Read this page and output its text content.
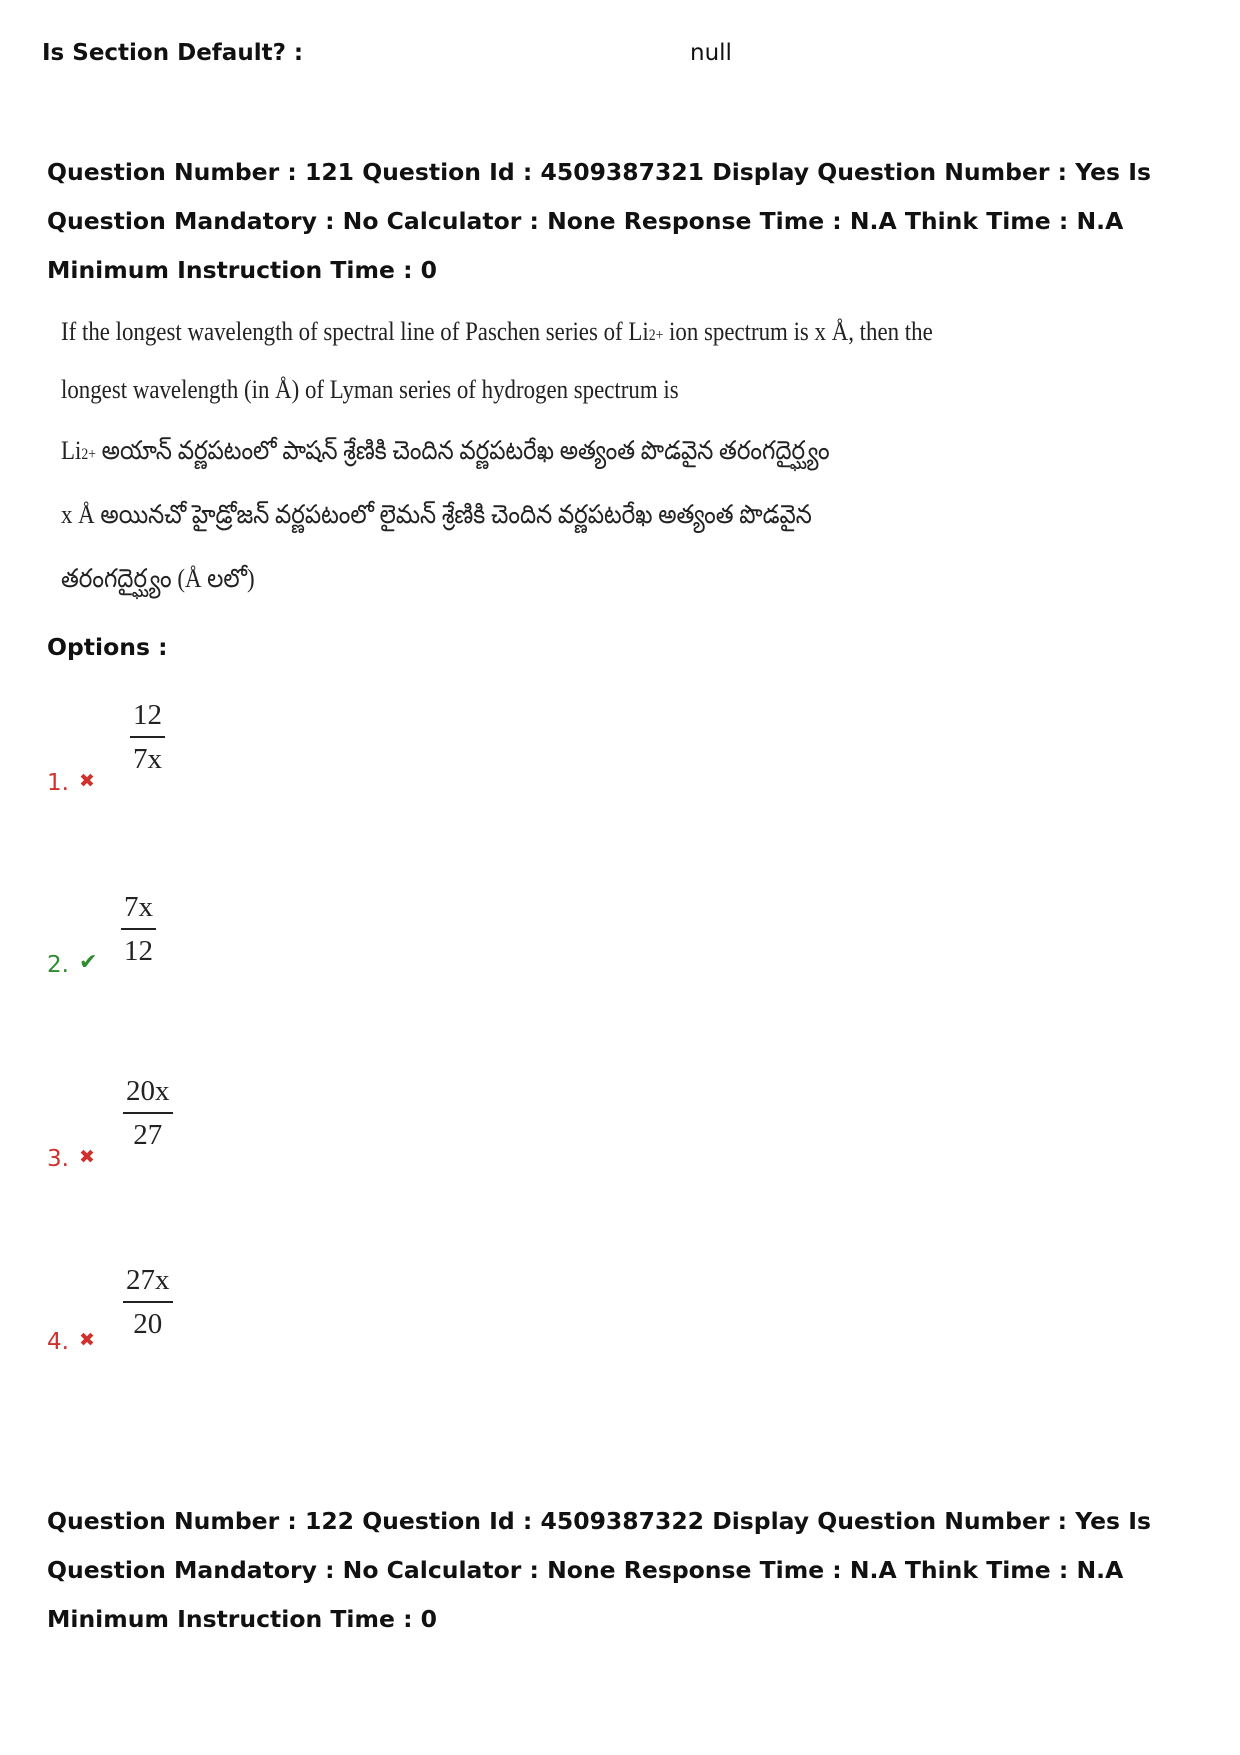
Is Section Default? :	null
Question Number : 121 Question Id : 4509387321 Display Question Number : Yes Is Question Mandatory : No Calculator : None Response Time : N.A Think Time : N.A Minimum Instruction Time : 0
If the longest wavelength of spectral line of Paschen series of $Li^{2+}$ ion spectrum is x Å, then the
longest wavelength (in Å) of Lyman series of hydrogen spectrum is
$Li^{2+}$ అయాన్ వర్ణపటంలో పాషన్ శ్రేణికి చెందిన వర్ణపటరేఖ అత్యంత పొడవైన తరంగదైర్ఘ్యం
x Å అయినచో హైడ్రోజన్ వర్ణపటంలో లైమన్ శ్రేణికి చెందిన వర్ణపటరేఖ అత్యంత పొడవైన
తరంగదైర్ఘ్యం (Å లలో)
Options :
1. ✖
12
7x
2. ✔
7x
12
3. ✖
20x
27
4. ✖
27x
20
Question Number : 122 Question Id : 4509387322 Display Question Number : Yes Is Question Mandatory : No Calculator : None Response Time : N.A Think Time : N.A Minimum Instruction Time : 0
